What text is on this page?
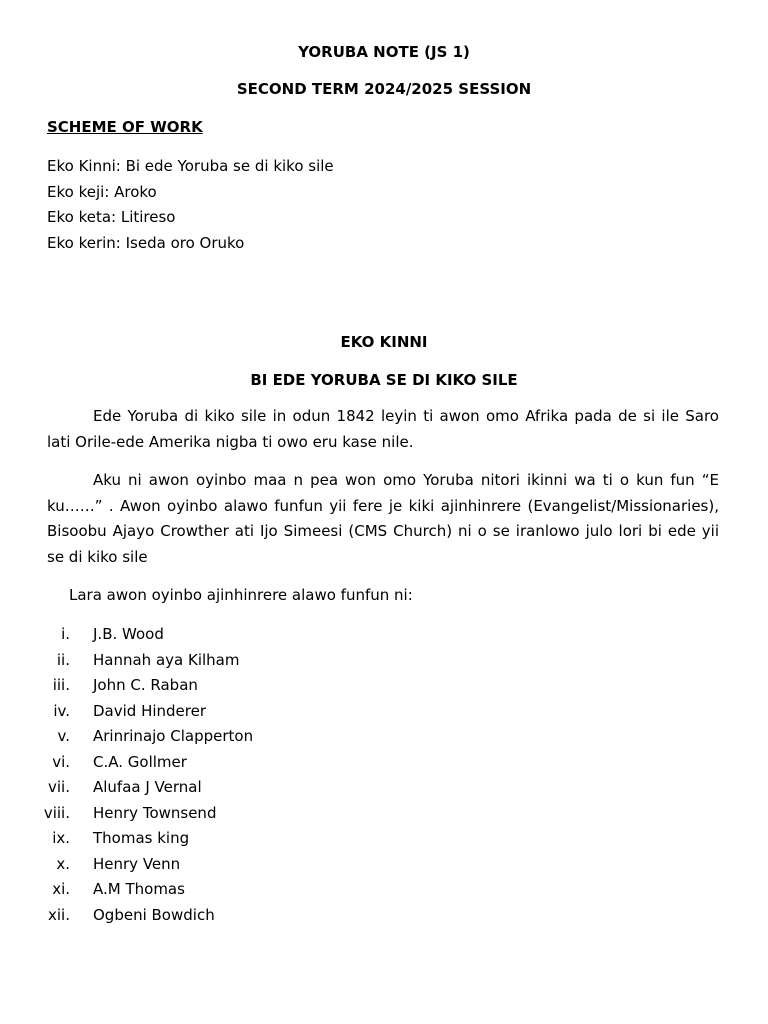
YORUBA NOTE (JS 1)

SECOND TERM 2024/2025 SESSION

SCHEME OF WORK

Eko Kinni: Bi ede Yoruba se di kiko sile
Eko keji: Aroko
Eko keta: Litireso
Eko kerin: Iseda oro Oruko

EKO KINNI

BI EDE YORUBA SE DI KIKO SILE

Ede Yoruba di kiko sile in odun 1842 leyin ti awon omo Afrika pada de si ile Saro lati Orile-ede Amerika nigba ti owo eru kase nile.

Aku ni awon oyinbo maa n pea won omo Yoruba nitori ikinni wa ti o kun fun “E ku……” . Awon oyinbo alawo funfun yii fere je kiki ajinhinrere (Evangelist/Missionaries), Bisoobu Ajayo Crowther ati Ijo Simeesi (CMS Church) ni o se iranlowo julo lori bi ede yii se di kiko sile

Lara awon oyinbo ajinhinrere alawo funfun ni:

i.	J.B. Wood
ii.	Hannah aya Kilham
iii.	John C. Raban
iv.	David Hinderer
v.	Arinrinajo Clapperton
vi.	C.A. Gollmer
vii.	Alufaa J Vernal
viii.	Henry Townsend
ix.	Thomas king
x.	Henry Venn
xi.	A.M Thomas
xii.	Ogbeni Bowdich
